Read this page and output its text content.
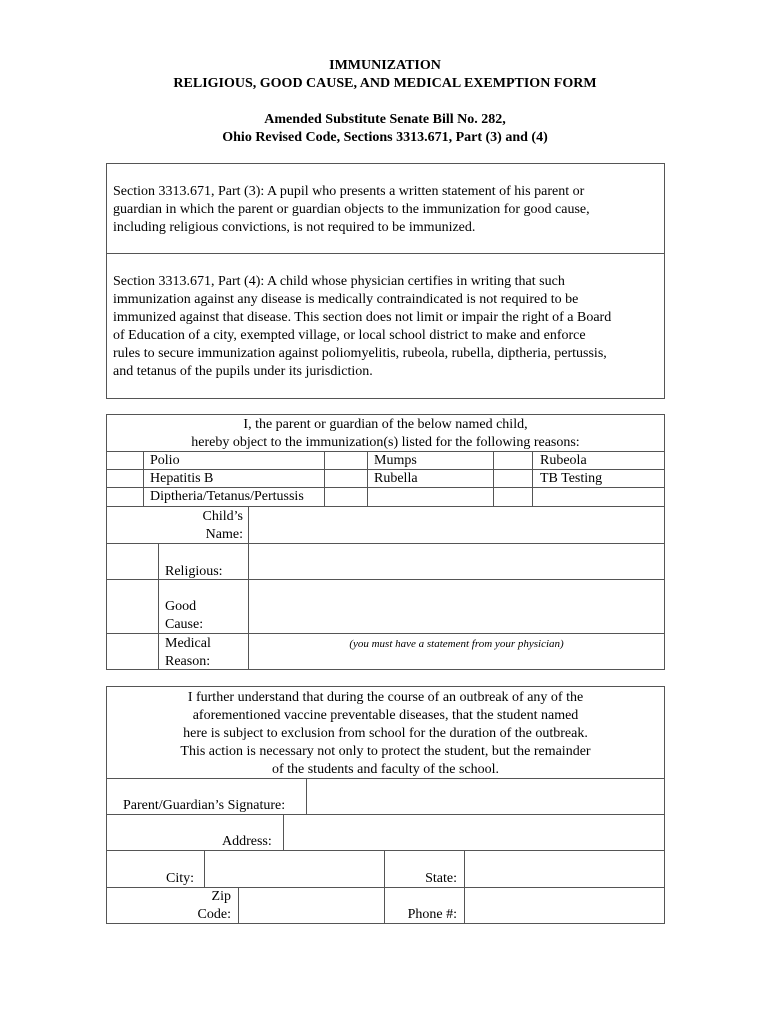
IMMUNIZATION
RELIGIOUS, GOOD CAUSE, AND MEDICAL EXEMPTION FORM
Amended Substitute Senate Bill No. 282,
Ohio Revised Code, Sections 3313.671, Part (3) and (4)
Section 3313.671, Part (3): A pupil who presents a written statement of his parent or
guardian in which the parent or guardian objects to the immunization for good cause,
including religious convictions, is not required to be immunized.
Section 3313.671, Part (4): A child whose physician certifies in writing that such
immunization against any disease is medically contraindicated is not required to be
immunized against that disease. This section does not limit or impair the right of a Board
of Education of a city, exempted village, or local school district to make and enforce
rules to secure immunization against poliomyelitis, rubeola, rubella, diptheria, pertussis,
and tetanus of the pupils under its jurisdiction.
I, the parent or guardian of the below named child,
hereby object to the immunization(s) listed for the following reasons:
Polio	Mumps	Rubeola
Hepatitis B	Rubella	TB Testing
Diptheria/Tetanus/Pertussis
Child’s
Name:
Religious:
Good
Cause:
Medical
Reason:
(you must have a statement from your physician)
I further understand that during the course of an outbreak of any of the
aforementioned vaccine preventable diseases, that the student named
here is subject to exclusion from school for the duration of the outbreak.
This action is necessary not only to protect the student, but the remainder
of the students and faculty of the school.
Parent/Guardian’s Signature:
Address:
City:	State:
Zip
Code:	Phone #:
